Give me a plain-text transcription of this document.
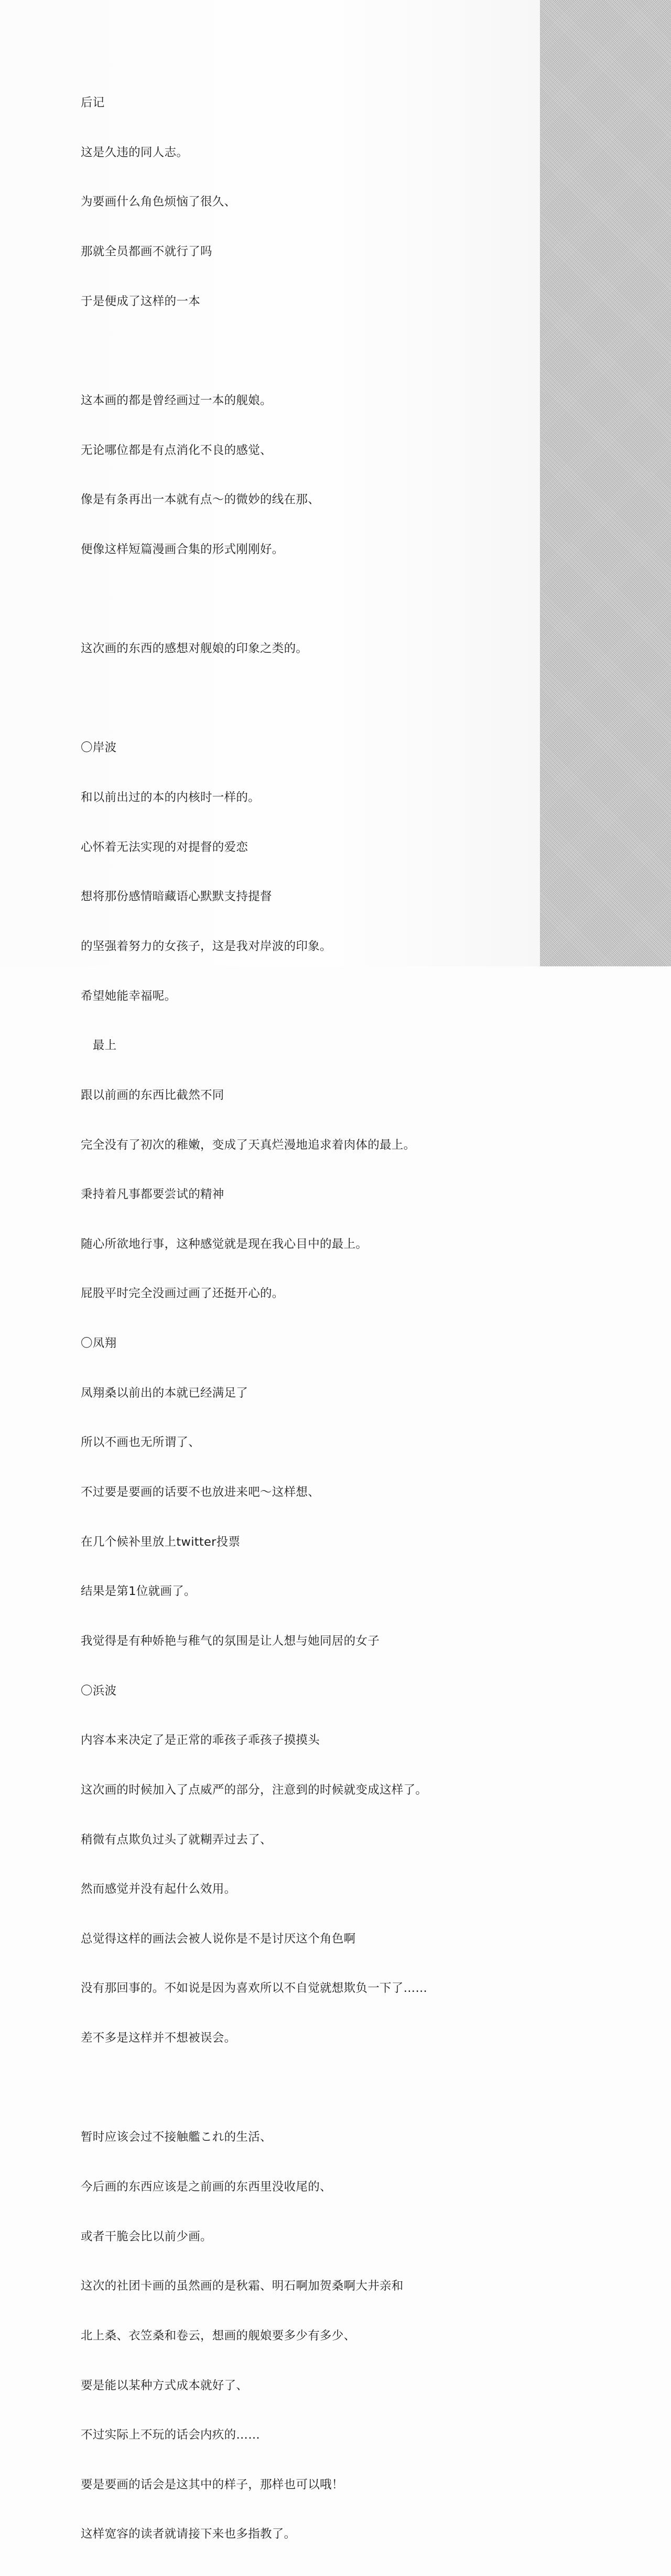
后记

这是久违的同人志。

为要画什么角色烦恼了很久、

那就全员都画不就行了吗

于是便成了这样的一本

这本画的都是曾经画过一本的舰娘。

无论哪位都是有点消化不良的感觉、

像是有条再出一本就有点〜的微妙的线在那、

便像这样短篇漫画合集的形式刚刚好。

这次画的东西的感想对舰娘的印象之类的。

〇岸波

和以前出过的本的内核时一样的。

心怀着无法实现的对提督的爱恋

想将那份感情暗藏语心默默支持提督

的坚强着努力的女孩子，这是我对岸波的印象。

希望她能幸福呢。

　最上

跟以前画的东西比截然不同

完全没有了初次的稚嫩，变成了天真烂漫地追求着肉体的最上。

秉持着凡事都要尝试的精神

随心所欲地行事，这种感觉就是现在我心目中的最上。

屁股平时完全没画过画了还挺开心的。

〇凤翔

凤翔桑以前出的本就已经满足了

所以不画也无所谓了、

不过要是要画的话要不也放进来吧〜这样想、

在几个候补里放上twitter投票

结果是第1位就画了。

我觉得是有种娇艳与稚气的氛围是让人想与她同居的女子

〇浜波

内容本来决定了是正常的乖孩子乖孩子摸摸头

这次画的时候加入了点威严的部分，注意到的时候就变成这样了。

稍微有点欺负过头了就糊弄过去了、

然而感觉并没有起什么效用。

总觉得这样的画法会被人说你是不是讨厌这个角色啊

没有那回事的。不如说是因为喜欢所以不自觉就想欺负一下了……

差不多是这样并不想被误会。

暂时应该会过不接触艦これ的生活、

今后画的东西应该是之前画的东西里没收尾的、

或者干脆会比以前少画。

这次的社团卡画的虽然画的是秋霜、明石啊加贺桑啊大井亲和

北上桑、衣笠桑和卷云，想画的舰娘要多少有多少、

要是能以某种方式成本就好了、

不过实际上不玩的话会内疚的……

要是要画的话会是这其中的样子，那样也可以哦！

这样宽容的读者就请接下来也多指教了。
